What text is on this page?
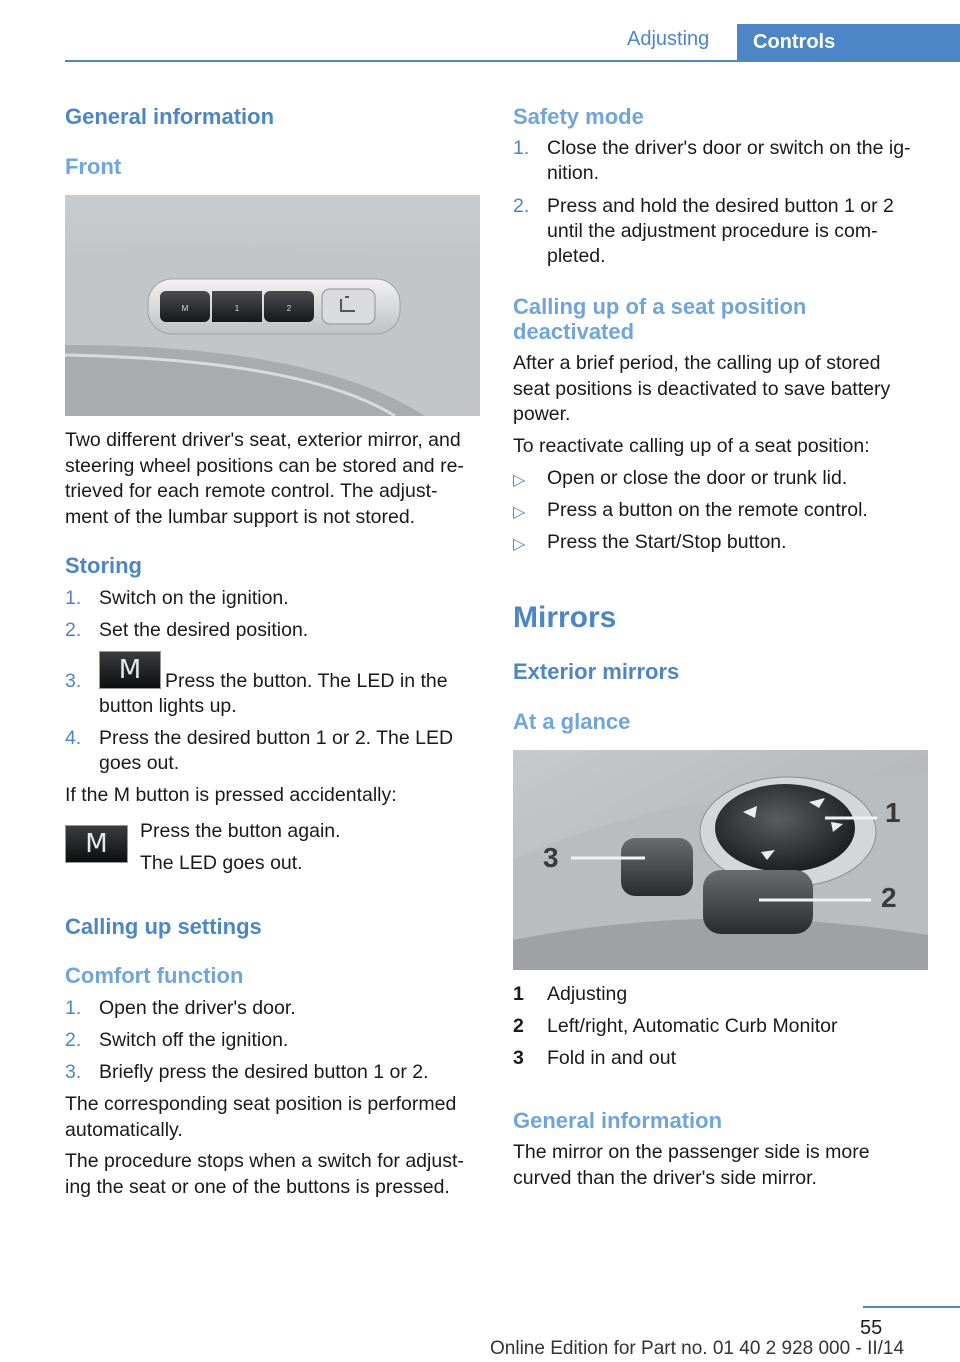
Adjusting	Controls
General information
Front
M	1	2
Two different driver's seat, exterior mirror, and
steering wheel positions can be stored and re‐
trieved for each remote control. The adjust‐
ment of the lumbar support is not stored.
Storing
1. Switch on the ignition.
2. Set the desired position.
3.	Press the button. The LED in the
button lights up.
M
4. Press the desired button 1 or 2. The LED
goes out.
If the M button is pressed accidentally:
M	Press the button again.
The LED goes out.
Calling up settings
Comfort function
1. Open the driver's door.
2. Switch off the ignition.
3. Briefly press the desired button 1 or 2.
The corresponding seat position is performed
automatically.
The procedure stops when a switch for adjust‐
ing the seat or one of the buttons is pressed.
Safety mode
1. Close the driver's door or switch on the ig‐
nition.
2. Press and hold the desired button 1 or 2
until the adjustment procedure is com‐
pleted.
Calling up of a seat position
deactivated
After a brief period, the calling up of stored
seat positions is deactivated to save battery
power.
To reactivate calling up of a seat position:
▷ Open or close the door or trunk lid.
▷ Press a button on the remote control.
▷ Press the Start/Stop button.
Mirrors
Exterior mirrors
At a glance
1
2
3
1 Adjusting
2 Left/right, Automatic Curb Monitor
3 Fold in and out
General information
The mirror on the passenger side is more
curved than the driver's side mirror.
55
Online Edition for Part no. 01 40 2 928 000 - II/14
